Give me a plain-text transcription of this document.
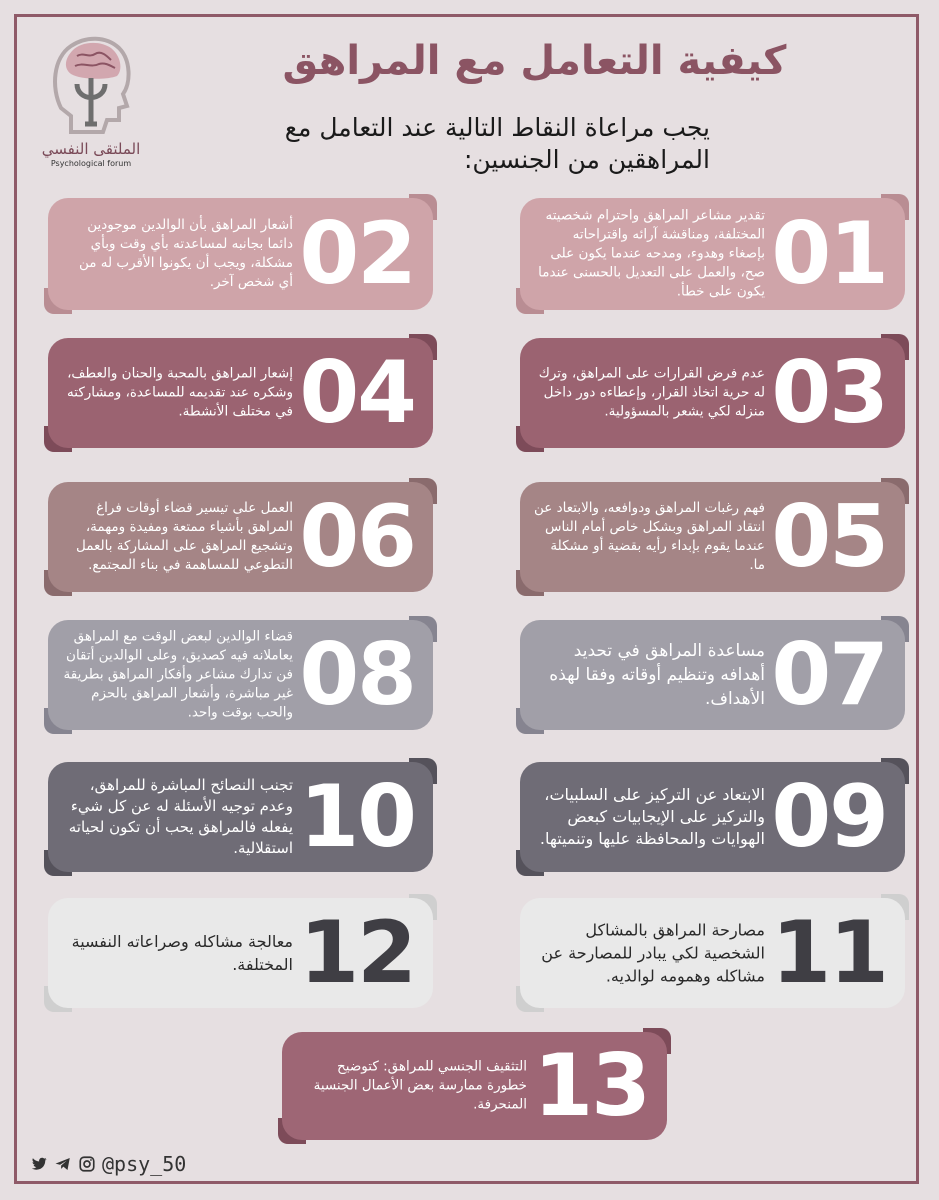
الملتقى النفسي
Psychological forum
كيفية التعامل مع المراهق
يجب مراعاة النقاط التالية عند التعامل مع
المراهقين من الجنسين:
01
تقدير مشاعر المراهق واحترام شخصيته المختلفة، ومناقشة آرائه واقتراحاته بإصغاء وهدوء، ومدحه عندما يكون على صح، والعمل على التعديل بالحسنى عندما يكون على خطأ.
02
أشعار المراهق بأن الوالدين موجودين دائما بجانبه لمساعدته بأي وقت وبأي مشكلة، ويجب أن يكونوا الأقرب له من أي شخص آخر.
03
عدم فرض القرارات على المراهق، وترك له حرية اتخاذ القرار، وإعطاءه دور داخل منزله لكي يشعر بالمسؤولية.
04
إشعار المراهق بالمحبة والحنان والعطف، وشكره عند تقديمه للمساعدة، ومشاركته في مختلف الأنشطة.
05
فهم رغبات المراهق ودوافعه، والابتعاد عن انتقاد المراهق وبشكل خاص أمام الناس عندما يقوم بإبداء رأيه بقضية أو مشكلة ما.
06
العمل على تيسير قضاء أوقات فراغ المراهق بأشياء ممتعة ومفيدة ومهمة، وتشجيع المراهق على المشاركة بالعمل التطوعي للمساهمة في بناء المجتمع.
07
مساعدة المراهق في تحديد أهدافه وتنظيم أوقاته وفقا لهذه الأهداف.
08
قضاء الوالدين لبعض الوقت مع المراهق يعاملانه فيه كصديق، وعلى الوالدين أتقان فن تدارك مشاعر وأفكار المراهق بطريقة غير مباشرة، وأشعار المراهق بالحزم والحب بوقت واحد.
09
الابتعاد عن التركيز على السلبيات، والتركيز على الإيجابيات كبعض الهوايات والمحافظة عليها وتنميتها.
10
تجنب النصائح المباشرة للمراهق، وعدم توجيه الأسئلة له عن كل شيء يفعله فالمراهق يحب أن تكون لحياته استقلالية.
11
مصارحة المراهق بالمشاكل الشخصية لكي يبادر للمصارحة عن مشاكله وهمومه لوالديه.
12
معالجة مشاكله وصراعاته النفسية المختلفة.
13
التثقيف الجنسي للمراهق: كتوضيح خطورة ممارسة بعض الأعمال الجنسية المنحرفة.
@psy_50
